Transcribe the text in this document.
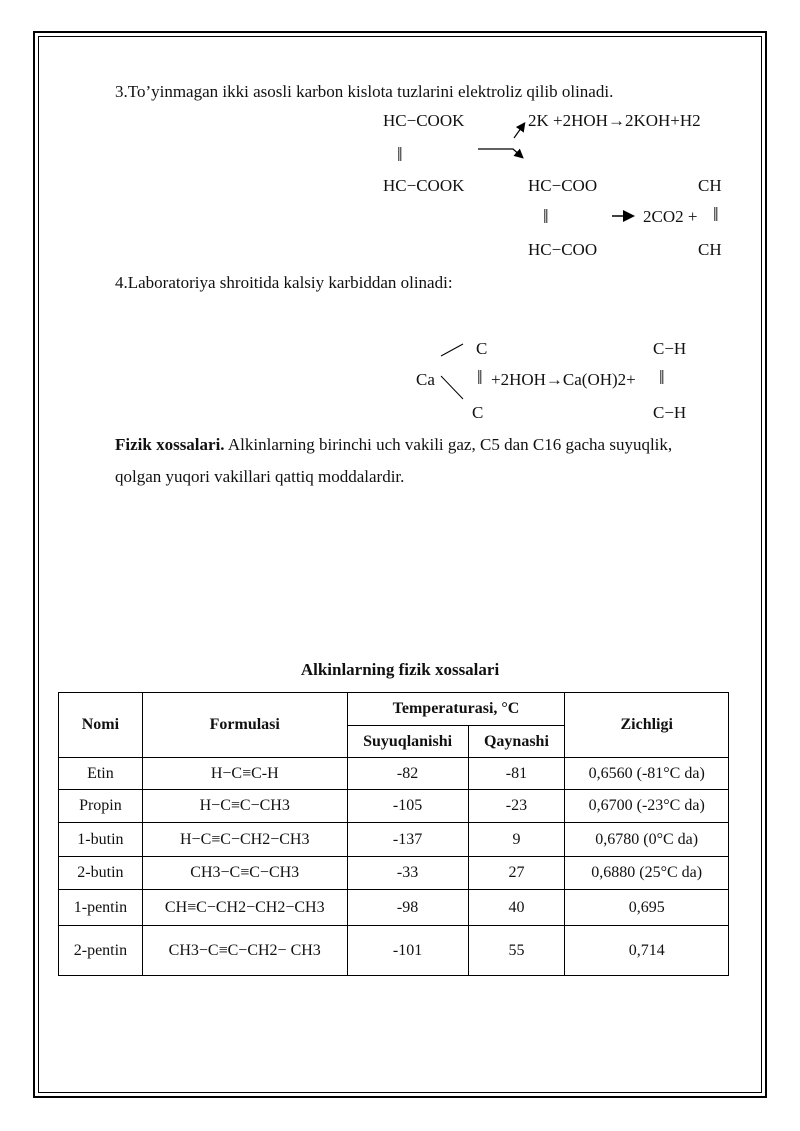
3.To’yinmagan ikki asosli karbon kislota tuzlarini elektroliz qilib olinadi.
HC−COOK
‖
HC−COOK
2K +2HOH→2KOH+H2
HC−COO
‖
HC−COO
CH
2CO2 + ‖
CH
4.Laboratoriya shroitida kalsiy karbiddan olinadi:
C
Ca ‖ +2HOH→Ca(OH)2+ ‖
C
C−H
C−H
Fizik xossalari. Alkinlarning birinchi uch vakili gaz, C5 dan C16 gacha suyuqlik,
qolgan yuqori vakillari qattiq moddalardir.
Alkinlarning fizik xossalari
Nomi	Formulasi	Temperaturasi, °C		Zichligi
		Suyuqlanishi	Qaynashi	
Etin	H−C≡C-H	-82	-81	0,6560 (-81°C da)
Propin	H−C≡C−CH3	-105	-23	0,6700 (-23°C da)
1-butin	H−C≡C−CH2−CH3	-137	9	0,6780 (0°C da)
2-butin	CH3−C≡C−CH3	-33	27	0,6880 (25°C da)
1-pentin	CH≡C−CH2−CH2−CH3	-98	40	0,695
2-pentin	CH3−C≡C−CH2− CH3	-101	55	0,714
